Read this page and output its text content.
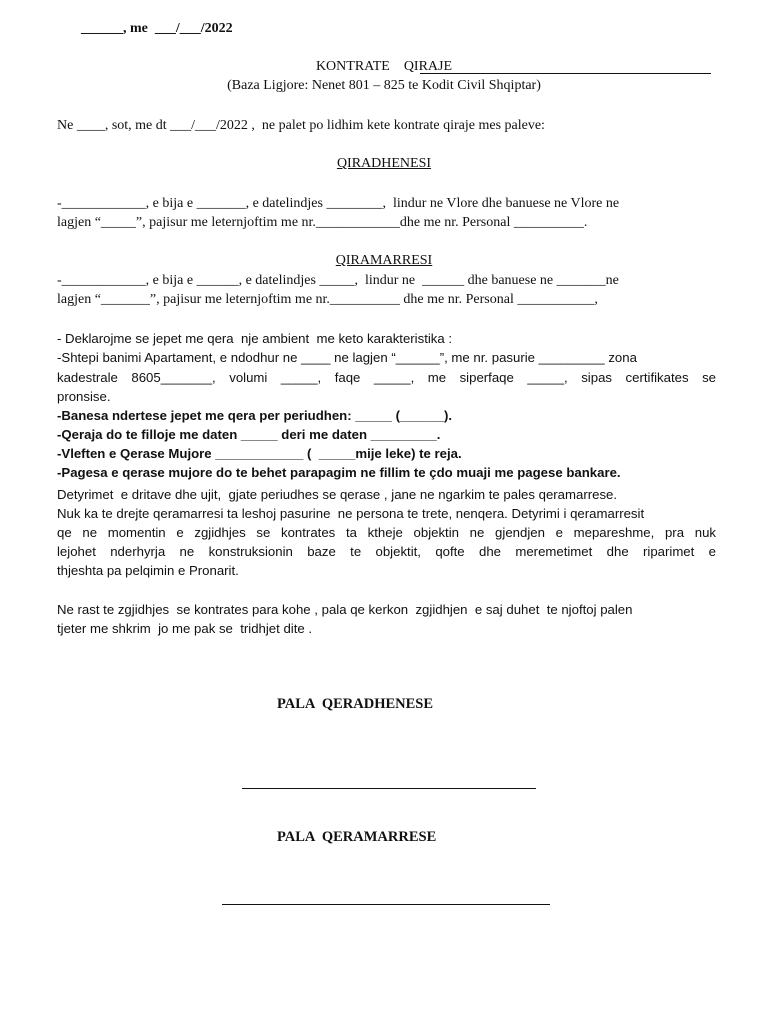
______, me  ___/___/2022
KONTRATE    QIRAJE
(Baza Ligjore: Nenet 801 – 825 te Kodit Civil Shqiptar)
Ne ____, sot, me dt ___/___/2022 ,  ne palet po lidhim kete kontrate qiraje mes paleve:
QIRADHENESI
-____________, e bija e _______, e datelindjes ________,  lindur ne Vlore dhe banuese ne Vlore ne
lagjen “_____”, pajisur me leternjoftim me nr.____________dhe me nr. Personal __________.
QIRAMARRESI
-____________, e bija e ______, e datelindjes _____,  lindur ne  ______ dhe banuese ne _______ne
lagjen “_______”, pajisur me leternjoftim me nr.__________ dhe me nr. Personal ___________,
- Deklarojme se jepet me qera  nje ambient  me keto karakteristika :
-Shtepi banimi Apartament, e ndodhur ne ____ ne lagjen “______”, me nr. pasurie _________ zona
kadestrale 8605_______, volumi _____, faqe _____, me siperfaqe _____, sipas certifikates se
pronsise.
-Banesa ndertese jepet me qera per periudhen: _____ (______).
-Qeraja do te filloje me daten _____ deri me daten _________.
-Vleften e Qerase Mujore ____________ (  _____mije leke) te reja.
-Pagesa e qerase mujore do te behet parapagim ne fillim te çdo muaji me pagese bankare.
Detyrimet  e dritave dhe ujit,  gjate periudhes se qerase , jane ne ngarkim te pales qeramarrese.
Nuk ka te drejte qeramarresi ta leshoj pasurine  ne persona te trete, nenqera. Detyrimi i qeramarresit
qe ne momentin e zgjidhjes se kontrates ta ktheje objektin ne gjendjen e mepareshme, pra nuk
lejohet nderhyrja ne konstruksionin baze te objektit, qofte dhe meremetimet dhe riparimet e
thjeshta pa pelqimin e Pronarit.
Ne rast te zgjidhjes  se kontrates para kohe , pala qe kerkon  zgjidhjen  e saj duhet  te njoftoj palen
tjeter me shkrim  jo me pak se  tridhjet dite .
PALA  QERADHENESE
PALA  QERAMARRESE
